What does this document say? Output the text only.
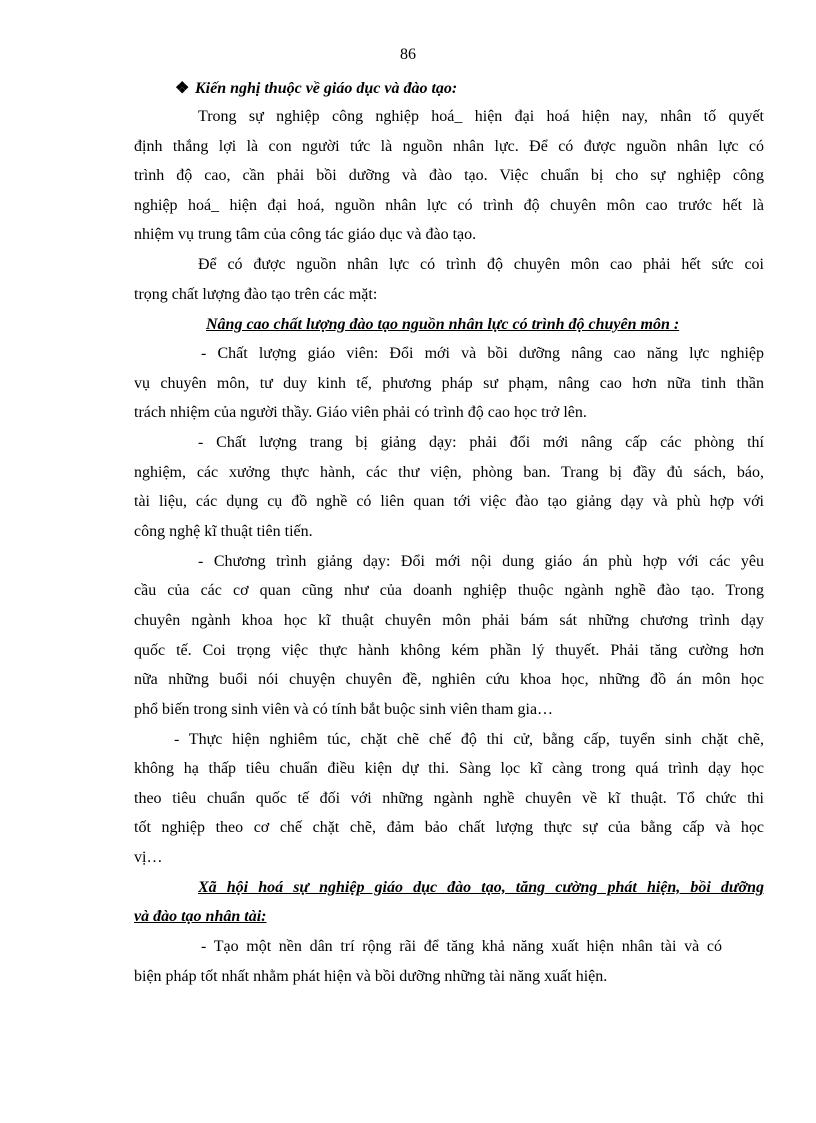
86
❖ Kiến nghị thuộc về giáo dục và đào tạo:
Trong sự nghiệp công nghiệp hoá_ hiện đại hoá hiện nay, nhân tố quyết
định thắng lợi là con người tức là nguồn nhân lực. Để có được nguồn nhân lực có
trình độ cao, cần phải bồi dưỡng và đào tạo. Việc chuẩn bị cho sự nghiệp công
nghiệp hoá_ hiện đại hoá, nguồn nhân lực có trình độ chuyên môn cao trước hết là
nhiệm vụ trung tâm của công tác giáo dục và đào tạo.
Để có được nguồn nhân lực có trình độ chuyên môn cao phải hết sức coi
trọng chất lượng đào tạo trên các mặt:
Nâng cao chất lượng đào tạo nguồn nhân lực có trình độ chuyên môn :
- Chất lượng giáo viên: Đổi mới và bồi dưỡng nâng cao năng lực nghiệp
vụ chuyên môn, tư duy kinh tế, phương pháp sư phạm, nâng cao hơn nữa tinh thần
trách nhiệm của người thầy. Giáo viên phải có trình độ cao học trở lên.
- Chất lượng trang bị giảng dạy: phải đổi mới nâng cấp các phòng thí
nghiệm, các xưởng thực hành, các thư viện, phòng ban. Trang bị đầy đủ sách, báo,
tài liệu, các dụng cụ đồ nghề có liên quan tới việc đào tạo giảng dạy và phù hợp với
công nghệ kĩ thuật tiên tiến.
- Chương trình giảng dạy: Đổi mới nội dung giáo án phù hợp với các yêu
cầu của các cơ quan cũng như của doanh nghiệp thuộc ngành nghề đào tạo. Trong
chuyên ngành khoa học kĩ thuật chuyên môn phải bám sát những chương trình dạy
quốc tế. Coi trọng việc thực hành không kém phần lý thuyết. Phải tăng cường hơn
nữa những buổi nói chuyện chuyên đề, nghiên cứu khoa học, những đồ án môn học
phổ biến trong sinh viên và có tính bắt buộc sinh viên tham gia…
- Thực hiện nghiêm túc, chặt chẽ chế độ thi cử, bằng cấp, tuyển sinh chặt chẽ,
không hạ thấp tiêu chuẩn điều kiện dự thi. Sàng lọc kĩ càng trong quá trình dạy học
theo tiêu chuẩn quốc tế đối với những ngành nghề chuyên về kĩ thuật. Tổ chức thi
tốt nghiệp theo cơ chế chặt chẽ, đảm bảo chất lượng thực sự của bằng cấp và học
vị…
Xã hội hoá sự nghiệp giáo dục đào tạo, tăng cường phát hiện, bồi dưỡng
và đào tạo nhân tài:
- Tạo một nền dân trí rộng rãi để tăng khả năng xuất hiện nhân tài và có
biện pháp tốt nhất nhằm phát hiện và bồi dưỡng những tài năng xuất hiện.
